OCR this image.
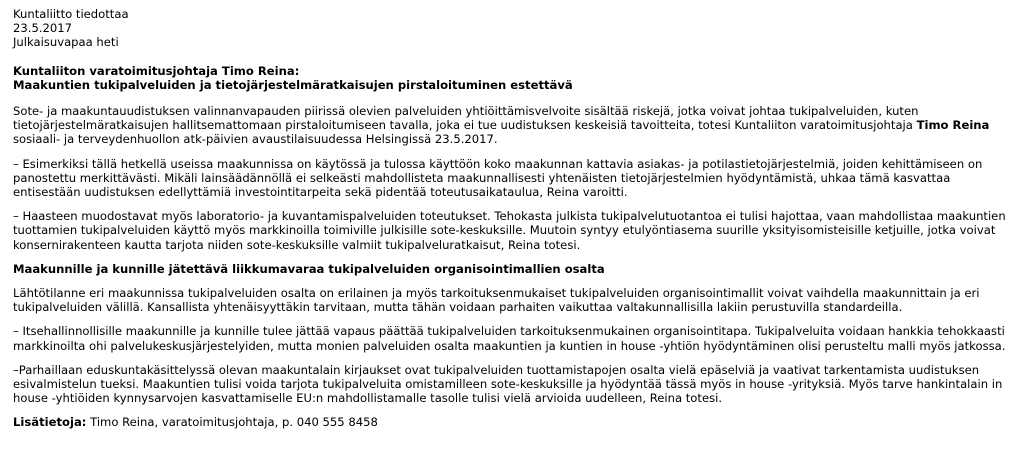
Kuntaliitto tiedottaa
23.5.2017
Julkaisuvapaa heti
Kuntaliiton varatoimitusjohtaja Timo Reina:
Maakuntien tukipalveluiden ja tietojärjestelmäratkaisujen pirstaloituminen estettävä

Sote- ja maakuntauudistuksen valinnanvapauden piirissä olevien palveluiden yhtiöittämisvelvoite sisältää riskejä, jotka voivat johtaa tukipalveluiden, kuten tietojärjestelmäratkaisujen hallitsemattomaan pirstaloitumiseen tavalla, joka ei tue uudistuksen keskeisiä tavoitteita, totesi Kuntaliiton varatoimitusjohtaja Timo Reina sosiaali- ja terveydenhuollon atk-päivien avaustilaisuudessa Helsingissä 23.5.2017.

– Esimerkiksi tällä hetkellä useissa maakunnissa on käytössä ja tulossa käyttöön koko maakunnan kattavia asiakas- ja potilastietojärjestelmiä, joiden kehittämiseen on panostettu merkittävästi. Mikäli lainsäädännöllä ei selkeästi mahdollisteta maakunnallisesti yhtenäisten tietojärjestelmien hyödyntämistä, uhkaa tämä kasvattaa entisestään uudistuksen edellyttämiä investointitarpeita sekä pidentää toteutusaikataulua, Reina varoitti.

– Haasteen muodostavat myös laboratorio- ja kuvantamispalveluiden toteutukset. Tehokasta julkista tukipalvelutuotantoa ei tulisi hajottaa, vaan mahdollistaa maakuntien tuottamien tukipalveluiden käyttö myös markkinoilla toimiville julkisille sote-keskuksille. Muutoin syntyy etulyöntiasema suurille yksityisomisteisille ketjuille, jotka voivat konsernirakenteen kautta tarjota niiden sote-keskuksille valmiit tukipalveluratkaisut, Reina totesi.

Maakunnille ja kunnille jätettävä liikkumavaraa tukipalveluiden organisointimallien osalta

Lähtötilanne eri maakunnissa tukipalveluiden osalta on erilainen ja myös tarkoituksenmukaiset tukipalveluiden organisointimallit voivat vaihdella maakunnittain ja eri tukipalveluiden välillä. Kansallista yhtenäisyyttäkin tarvitaan, mutta tähän voidaan parhaiten vaikuttaa valtakunnallisilla lakiin perustuvilla standardeilla.

– Itsehallinnollisille maakunnille ja kunnille tulee jättää vapaus päättää tukipalveluiden tarkoituksenmukainen organisointitapa. Tukipalveluita voidaan hankkia tehokkaasti markkinoilta ohi palvelukeskusjärjestelyiden, mutta monien palveluiden osalta maakuntien ja kuntien in house -yhtiön hyödyntäminen olisi perusteltu malli myös jatkossa.

–Parhaillaan eduskuntakäsittelyssä olevan maakuntalain kirjaukset ovat tukipalveluiden tuottamistapojen osalta vielä epäselviä ja vaativat tarkentamista uudistuksen esivalmistelun tueksi. Maakuntien tulisi voida tarjota tukipalveluita omistamilleen sote-keskuksille ja hyödyntää tässä myös in house -yrityksiä. Myös tarve hankintalain in house -yhtiöiden kynnysarvojen kasvattamiselle EU:n mahdollistamalle tasolle tulisi vielä arvioida uudelleen, Reina totesi.

Lisätietoja: Timo Reina, varatoimitusjohtaja, p. 040 555 8458
